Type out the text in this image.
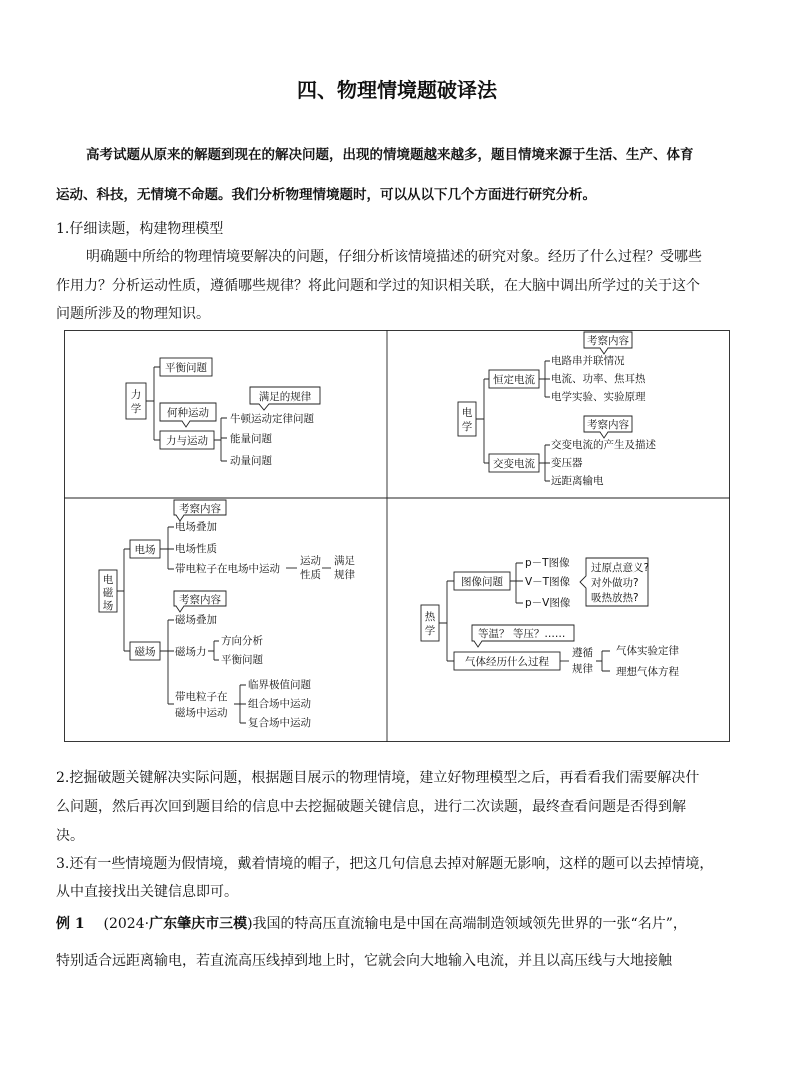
四、物理情境题破译法
高考试题从原来的解题到现在的解决问题，出现的情境题越来越多，题目情境来源于生活、生产、体育
运动、科技，无情境不命题。我们分析物理情境题时，可以从以下几个方面进行研究分析。
1.仔细读题，构建物理模型
明确题中所给的物理情境要解决的问题，仔细分析该情境描述的研究对象。经历了什么过程？受哪些
作用力？分析运动性质，遵循哪些规律？将此问题和学过的知识相关联，在大脑中调出所学过的关于这个
问题所涉及的物理知识。
力
学
平衡问题
何种运动
力与运动
满足的规律
牛顿运动定律问题
能量问题
动量问题
电
学
恒定电流
交变电流
考察内容
考察内容
电路串并联情况
电流、功率、焦耳热
电学实验、实验原理
交变电流的产生及描述
变压器
远距离输电
电
磁
场
电场
磁场
考察内容
电场叠加
电场性质
带电粒子在电场中运动
运动
性质
满足
规律
考察内容
磁场叠加
磁场力
方向分析
平衡问题
带电粒子在
磁场中运动
临界极值问题
组合场中运动
复合场中运动
热
学
图像问题
p－T图像
V－T图像
p－V图像
过原点意义?
对外做功?
吸热放热?
等温？ 等压？……
气体经历什么过程
遵循
规律
气体实验定律
理想气体方程
2.挖掘破题关键解决实际问题，根据题目展示的物理情境，建立好物理模型之后，再看看我们需要解决什
么问题，然后再次回到题目给的信息中去挖掘破题关键信息，进行二次读题，最终查看问题是否得到解
决。
3.还有一些情境题为假情境，戴着情境的帽子，把这几句信息去掉对解题无影响，这样的题可以去掉情境，
从中直接找出关键信息即可。
例 1 (2024·广东肇庆市三模)我国的特高压直流输电是中国在高端制造领域领先世界的一张“名片”，
特别适合远距离输电，若直流高压线掉到地上时，它就会向大地输入电流，并且以高压线与大地接触
